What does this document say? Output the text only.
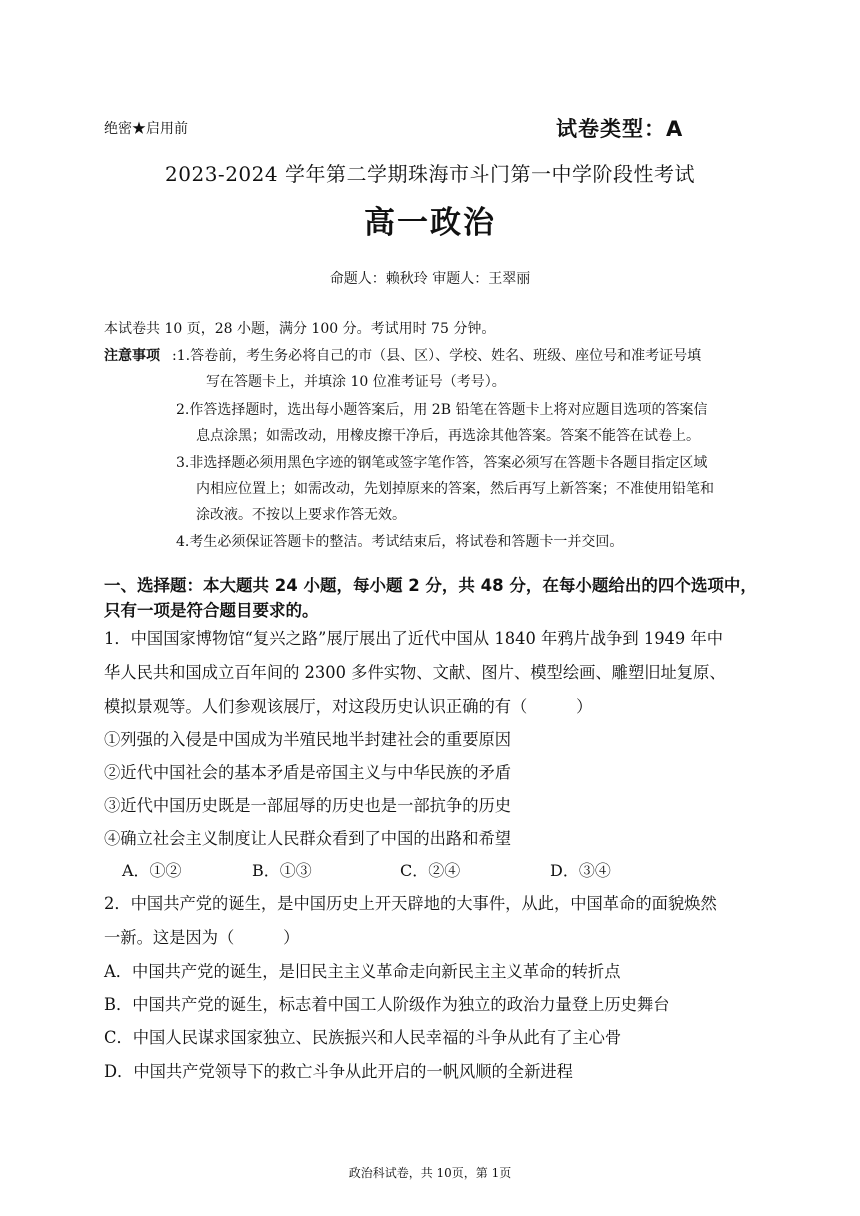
绝密★启用前	试卷类型：A
2023-2024 学年第二学期珠海市斗门第一中学阶段性考试
高一政治
命题人：赖秋玲 审题人：王翠丽
本试卷共 10 页，28 小题，满分 100 分。考试用时 75 分钟。
注意事项 :1.答卷前，考生务必将自己的市（县、区）、学校、姓名、班级、座位号和准考证号填
写在答题卡上，并填涂 10 位准考证号（考号）。
2.作答选择题时，选出每小题答案后，用 2B 铅笔在答题卡上将对应题目选项的答案信
息点涂黑；如需改动，用橡皮擦干净后，再选涂其他答案。答案不能答在试卷上。
3.非选择题必须用黑色字迹的钢笔或签字笔作答，答案必须写在答题卡各题目指定区域
内相应位置上；如需改动，先划掉原来的答案，然后再写上新答案；不准使用铅笔和
涂改液。不按以上要求作答无效。
4.考生必须保证答题卡的整洁。考试结束后，将试卷和答题卡一并交回。
一、选择题：本大题共 24 小题，每小题 2 分，共 48 分，在每小题给出的四个选项中，
只有一项是符合题目要求的。
1．中国国家博物馆“复兴之路”展厅展出了近代中国从 1840 年鸦片战争到 1949 年中
华人民共和国成立百年间的 2300 多件实物、文献、图片、模型绘画、雕塑旧址复原、
模拟景观等。人们参观该展厅，对这段历史认识正确的有（　　　）
①列强的入侵是中国成为半殖民地半封建社会的重要原因
②近代中国社会的基本矛盾是帝国主义与中华民族的矛盾
③近代中国历史既是一部屈辱的历史也是一部抗争的历史
④确立社会主义制度让人民群众看到了中国的出路和希望
A．①②	B．①③	C．②④	D．③④
2．中国共产党的诞生，是中国历史上开天辟地的大事件，从此，中国革命的面貌焕然
一新。这是因为（　　　）
A．中国共产党的诞生，是旧民主主义革命走向新民主主义革命的转折点
B．中国共产党的诞生，标志着中国工人阶级作为独立的政治力量登上历史舞台
C．中国人民谋求国家独立、民族振兴和人民幸福的斗争从此有了主心骨
D．中国共产党领导下的救亡斗争从此开启的一帆风顺的全新进程
政治科试卷，共 10页，第 1页
